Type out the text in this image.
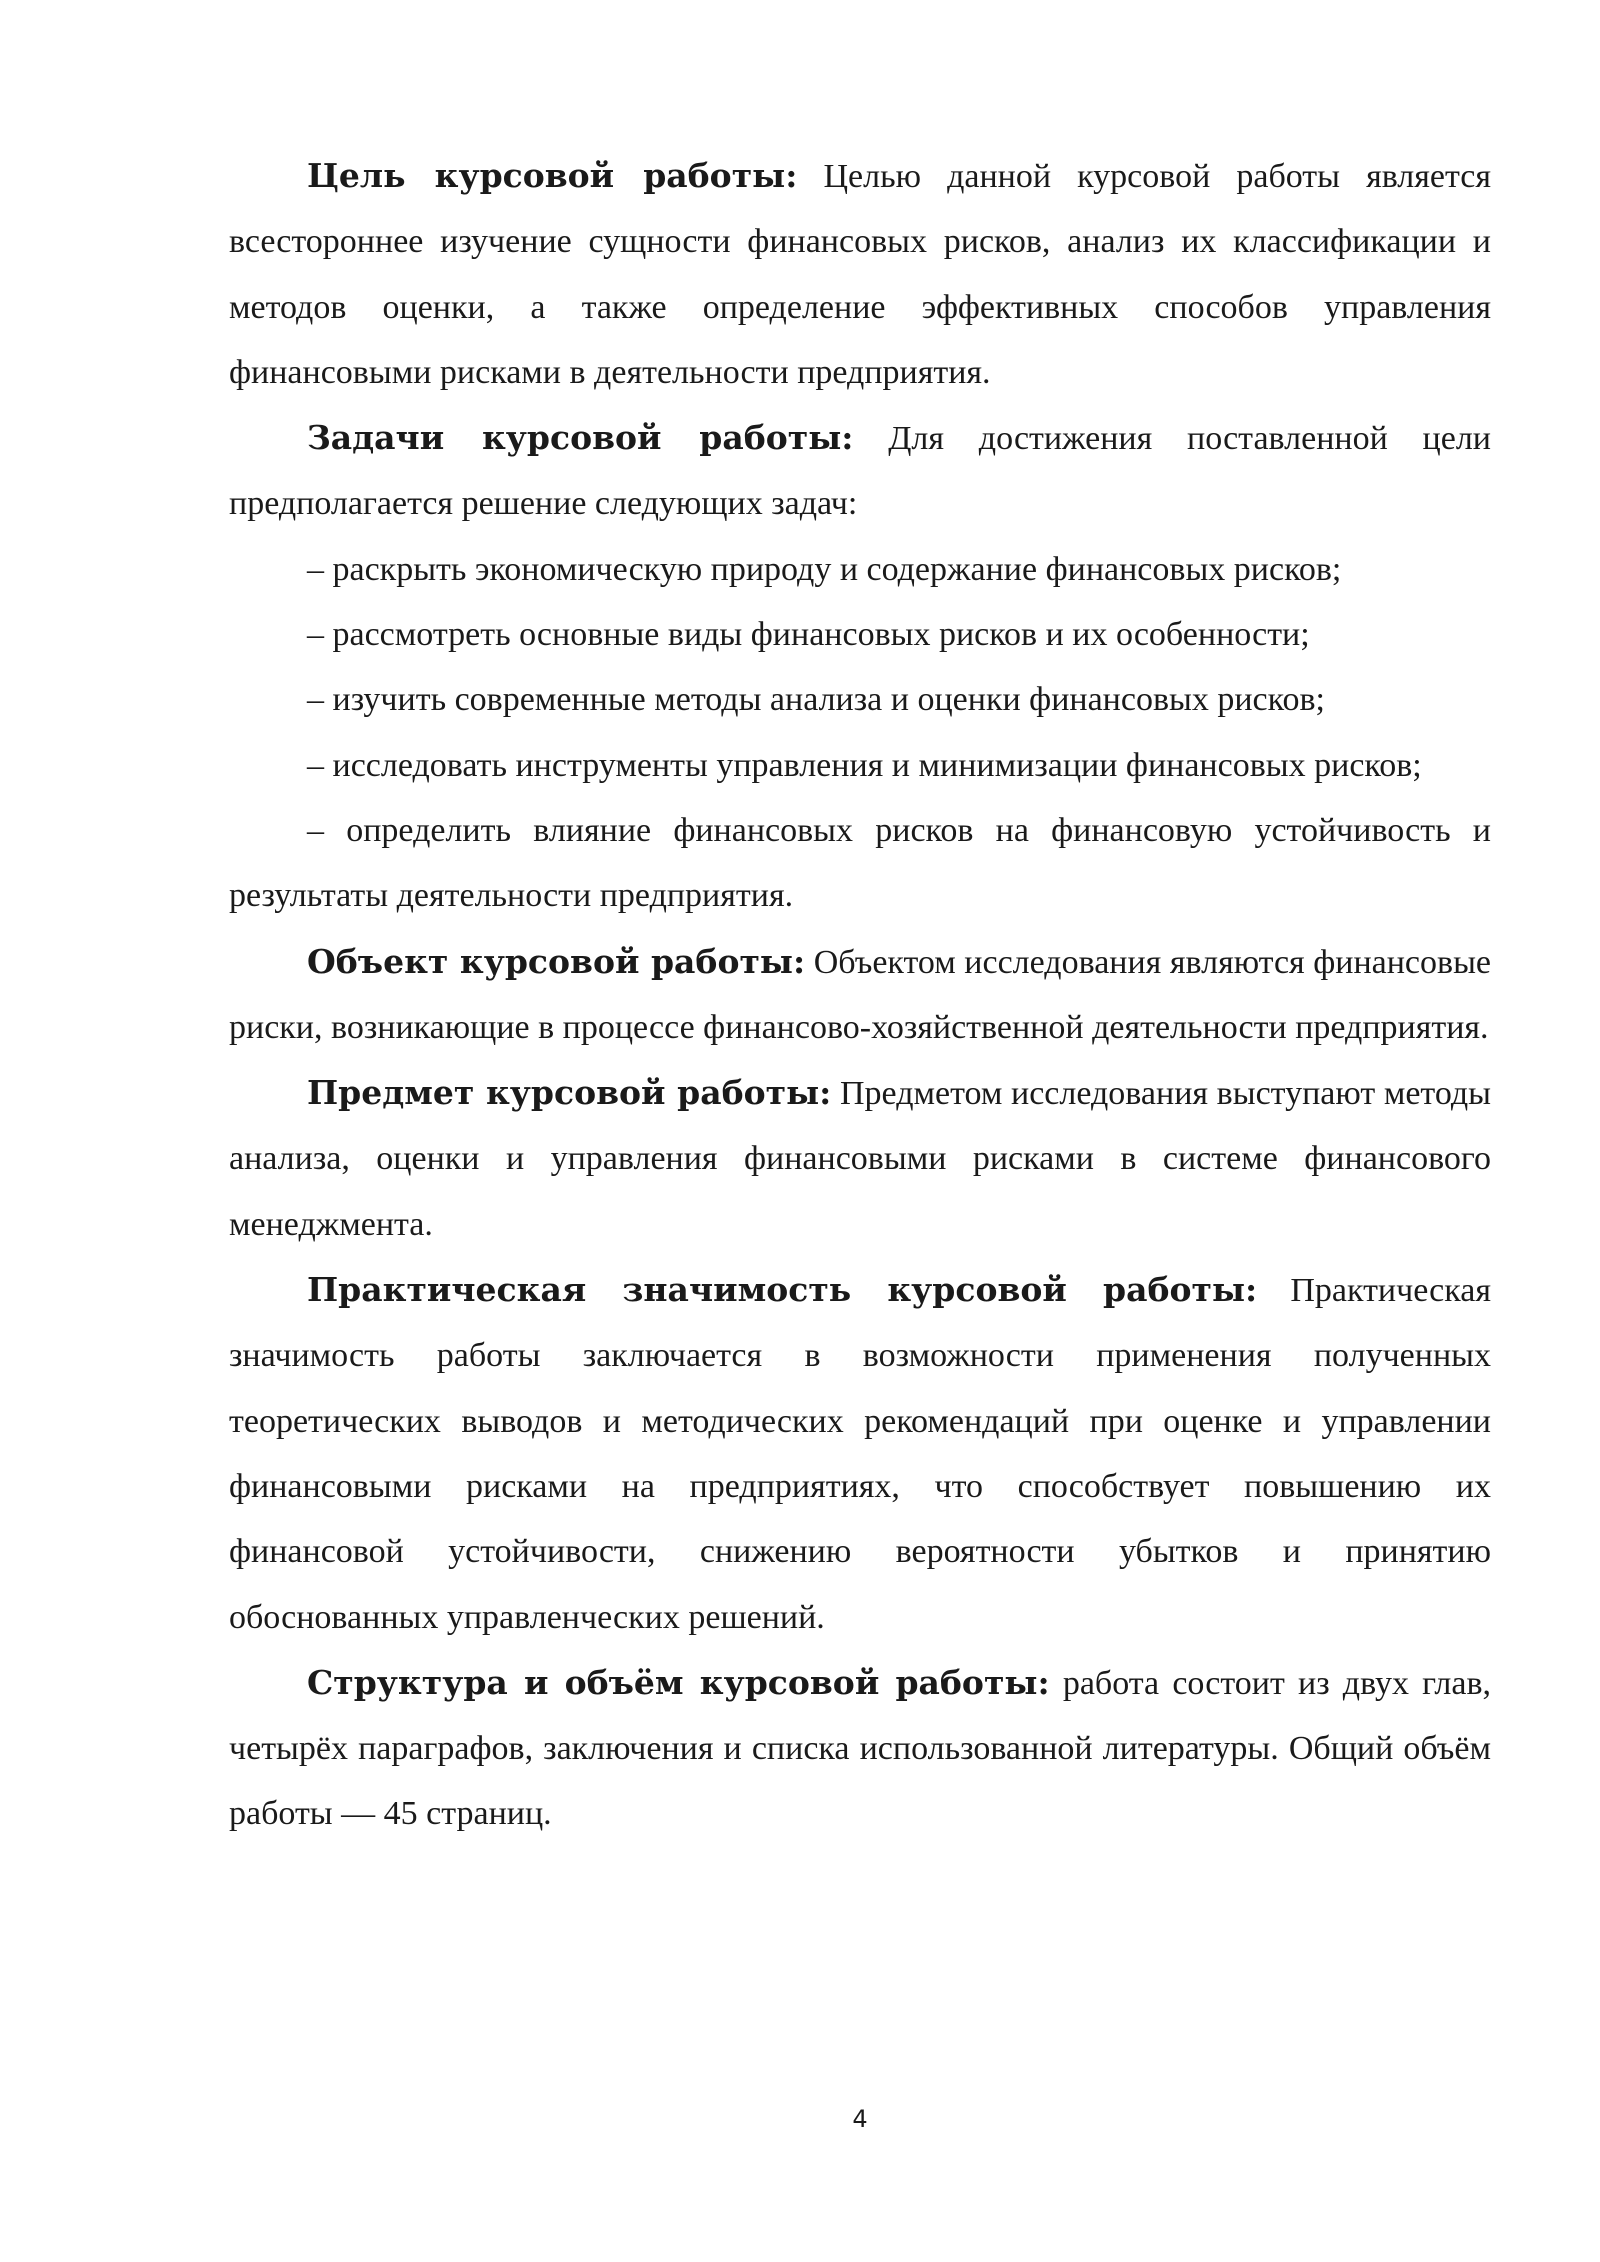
Цель курсовой работы: Целью данной курсовой работы является всестороннее изучение сущности финансовых рисков, анализ их классификации и методов оценки, а также определение эффективных способов управления финансовыми рисками в деятельности предприятия.

Задачи курсовой работы: Для достижения поставленной цели предполагается решение следующих задач:

– раскрыть экономическую природу и содержание финансовых рисков;

– рассмотреть основные виды финансовых рисков и их особенности;

– изучить современные методы анализа и оценки финансовых рисков;

– исследовать инструменты управления и минимизации финансовых рисков;

– определить влияние финансовых рисков на финансовую устойчивость и результаты деятельности предприятия.

Объект курсовой работы: Объектом исследования являются финансовые риски, возникающие в процессе финансово-хозяйственной деятельности предприятия.

Предмет курсовой работы: Предметом исследования выступают методы анализа, оценки и управления финансовыми рисками в системе финансового менеджмента.

Практическая значимость курсовой работы: Практическая значимость работы заключается в возможности применения полученных теоретических выводов и методических рекомендаций при оценке и управлении финансовыми рисками на предприятиях, что способствует повышению их финансовой устойчивости, снижению вероятности убытков и принятию обоснованных управленческих решений.

Структура и объём курсовой работы: работа состоит из двух глав, четырёх параграфов, заключения и списка использованной литературы. Общий объём работы — 45 страниц.

4
